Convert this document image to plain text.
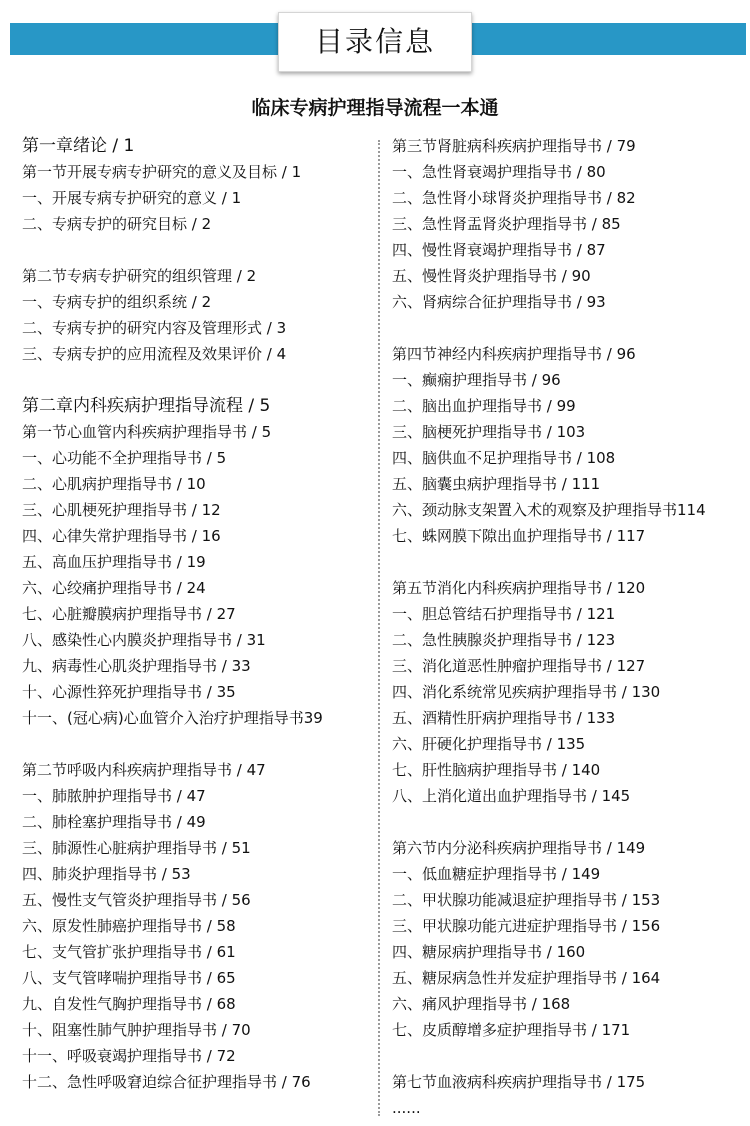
目录信息
临床专病护理指导流程一本通
第一章绪论 / 1
第一节开展专病专护研究的意义及目标 / 1
一、开展专病专护研究的意义 / 1
二、专病专护的研究目标 / 2
第二节专病专护研究的组织管理 / 2
一、专病专护的组织系统 / 2
二、专病专护的研究内容及管理形式 / 3
三、专病专护的应用流程及效果评价 / 4
第二章内科疾病护理指导流程 / 5
第一节心血管内科疾病护理指导书 / 5
一、心功能不全护理指导书 / 5
二、心肌病护理指导书 / 10
三、心肌梗死护理指导书 / 12
四、心律失常护理指导书 / 16
五、高血压护理指导书 / 19
六、心绞痛护理指导书 / 24
七、心脏瓣膜病护理指导书 / 27
八、感染性心内膜炎护理指导书 / 31
九、病毒性心肌炎护理指导书 / 33
十、心源性猝死护理指导书 / 35
十一、(冠心病)心血管介入治疗护理指导书39
第二节呼吸内科疾病护理指导书 / 47
一、肺脓肿护理指导书 / 47
二、肺栓塞护理指导书 / 49
三、肺源性心脏病护理指导书 / 51
四、肺炎护理指导书 / 53
五、慢性支气管炎护理指导书 / 56
六、原发性肺癌护理指导书 / 58
七、支气管扩张护理指导书 / 61
八、支气管哮喘护理指导书 / 65
九、自发性气胸护理指导书 / 68
十、阻塞性肺气肿护理指导书 / 70
十一、呼吸衰竭护理指导书 / 72
十二、急性呼吸窘迫综合征护理指导书 / 76
第三节肾脏病科疾病护理指导书 / 79
一、急性肾衰竭护理指导书 / 80
二、急性肾小球肾炎护理指导书 / 82
三、急性肾盂肾炎护理指导书 / 85
四、慢性肾衰竭护理指导书 / 87
五、慢性肾炎护理指导书 / 90
六、肾病综合征护理指导书 / 93
第四节神经内科疾病护理指导书 / 96
一、癫痫护理指导书 / 96
二、脑出血护理指导书 / 99
三、脑梗死护理指导书 / 103
四、脑供血不足护理指导书 / 108
五、脑囊虫病护理指导书 / 111
六、颈动脉支架置入术的观察及护理指导书114
七、蛛网膜下隙出血护理指导书 / 117
第五节消化内科疾病护理指导书 / 120
一、胆总管结石护理指导书 / 121
二、急性胰腺炎护理指导书 / 123
三、消化道恶性肿瘤护理指导书 / 127
四、消化系统常见疾病护理指导书 / 130
五、酒精性肝病护理指导书 / 133
六、肝硬化护理指导书 / 135
七、肝性脑病护理指导书 / 140
八、上消化道出血护理指导书 / 145
第六节内分泌科疾病护理指导书 / 149
一、低血糖症护理指导书 / 149
二、甲状腺功能减退症护理指导书 / 153
三、甲状腺功能亢进症护理指导书 / 156
四、糖尿病护理指导书 / 160
五、糖尿病急性并发症护理指导书 / 164
六、痛风护理指导书 / 168
七、皮质醇增多症护理指导书 / 171
第七节血液病科疾病护理指导书 / 175
......
